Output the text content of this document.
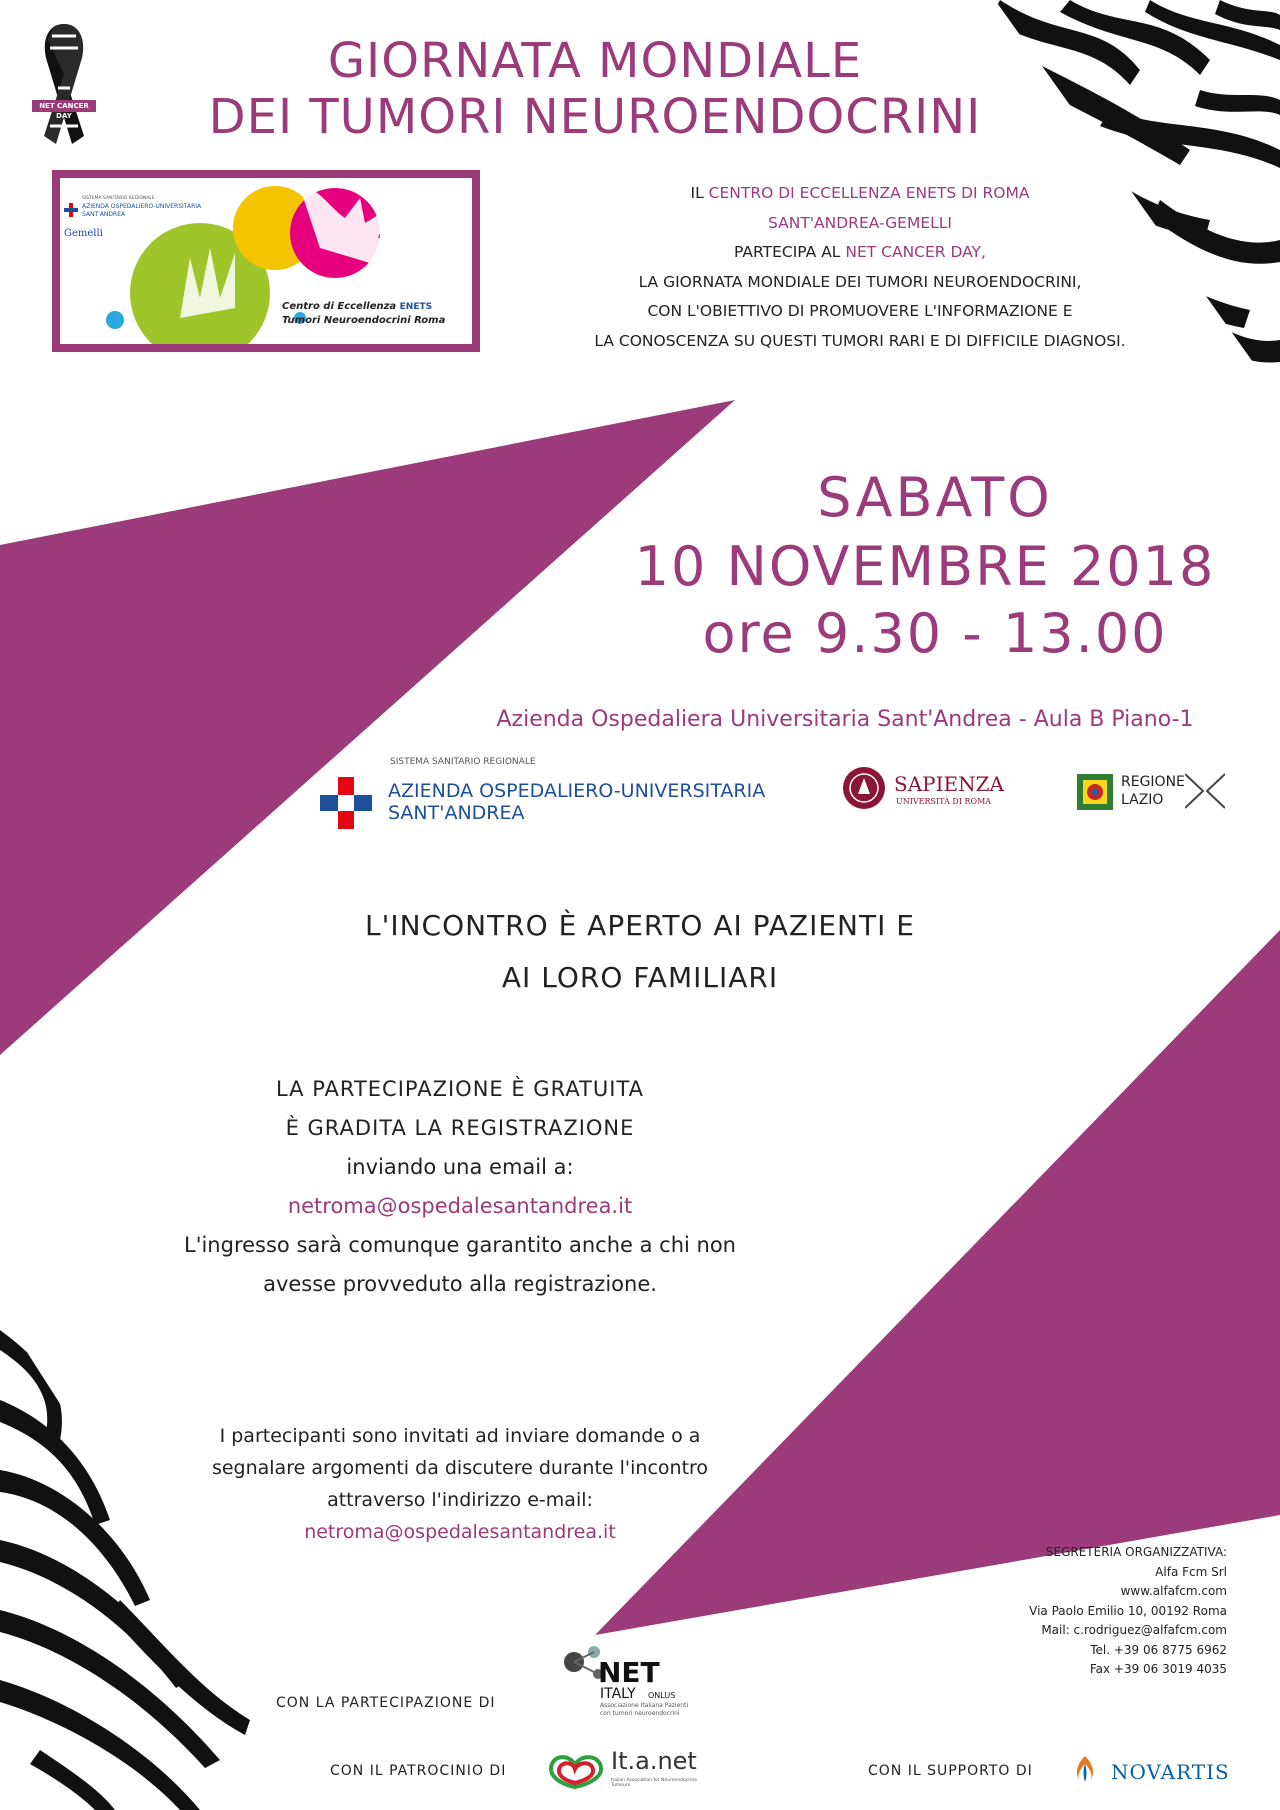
NET CANCER DAY
GIORNATA MONDIALE
DEI TUMORI NEUROENDOCRINI
SISTEMA SANITARIO REGIONALE
AZIENDA OSPEDALIERO-UNIVERSITARIA
SANT'ANDREA
Gemelli
Centro di Eccellenza ENETS
Tumori Neuroendocrini Roma
IL CENTRO DI ECCELLENZA ENETS DI ROMA
SANT'ANDREA-GEMELLI
PARTECIPA AL NET CANCER DAY,
LA GIORNATA MONDIALE DEI TUMORI NEUROENDOCRINI,
CON L'OBIETTIVO DI PROMUOVERE L'INFORMAZIONE E
LA CONOSCENZA SU QUESTI TUMORI RARI E DI DIFFICILE DIAGNOSI.
SABATO
10 NOVEMBRE 2018
ore 9.30 - 13.00
Azienda Ospedaliera Universitaria Sant'Andrea - Aula B Piano-1
SISTEMA SANITARIO REGIONALE
AZIENDA OSPEDALIERO-UNIVERSITARIA
SANT'ANDREA
SAPIENZA
UNIVERSITÀ DI ROMA
REGIONE
LAZIO
L'INCONTRO È APERTO AI PAZIENTI E
AI LORO FAMILIARI
LA PARTECIPAZIONE È GRATUITA
È GRADITA LA REGISTRAZIONE
inviando una email a:
netroma@ospedalesantandrea.it
L'ingresso sarà comunque garantito anche a chi non
avesse provveduto alla registrazione.
I partecipanti sono invitati ad inviare domande o a
segnalare argomenti da discutere durante l'incontro
attraverso l'indirizzo e-mail:
netroma@ospedalesantandrea.it
SEGRETERIA ORGANIZZATIVA:
Alfa Fcm Srl
www.alfafcm.com
Via Paolo Emilio 10, 00192 Roma
Mail: c.rodriguez@alfafcm.com
Tel. +39 06 8775 6962
Fax +39 06 3019 4035
CON LA PARTECIPAZIONE DI
NET
ITALY ONLUS
Associazione Italiana Pazienti
con tumori neuroendocrini
CON IL PATROCINIO DI	It.a.net
Italian Association for Neuroendocrine Tumours
CON IL SUPPORTO DI	NOVARTIS
